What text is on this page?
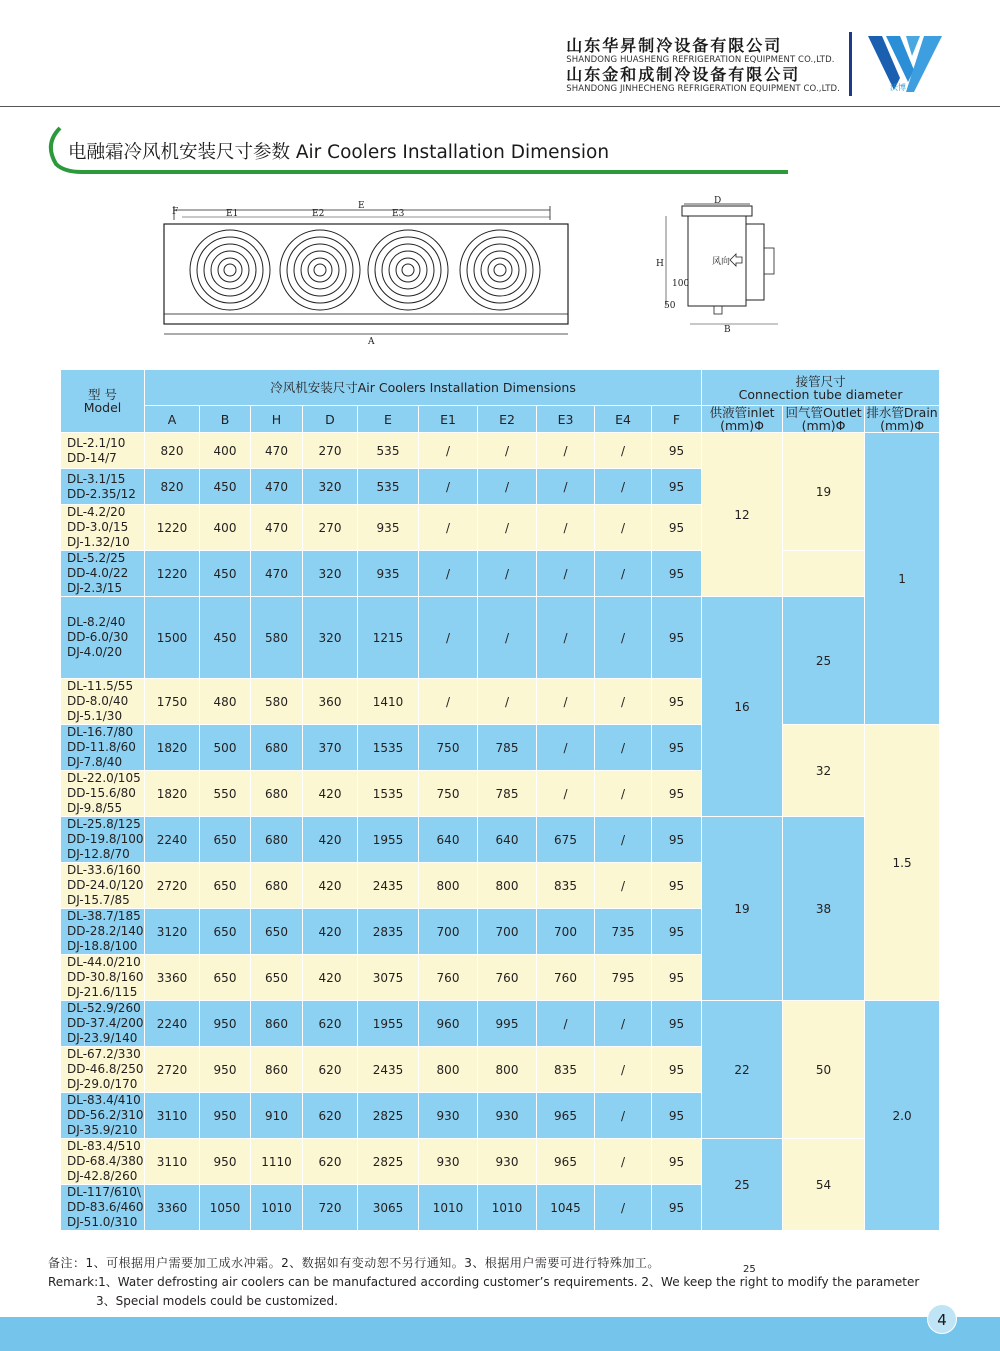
山东华昇制冷设备有限公司
SHANDONG HUASHENG REFRIGERATION EQUIPMENT CO.,LTD.
山东金和成制冷设备有限公司
SHANDONG JINHECHENG REFRIGERATION EQUIPMENT CO.,LTD.	沃博
电融霜冷风机安装尺寸参数 Air Coolers Installation Dimension
E
F	E1	E2	E3
A
D
H
100
50
风向
B
型 号
Model	冷风机安装尺寸Air Coolers Installation Dimensions										接管尺寸
Connection tube diameter		
	A	B	H	D	E	E1	E2	E3	E4	F	供液管inlet
(mm)Φ	回气管Outlet
(mm)Φ	排水管Drain
(mm)Φ
DL-2.1/10
DD-14/7	820	400	470	270	535	/	/	/	/	95	12	19	1
DL-3.1/15
DD-2.35/12	820	450	470	320	535	/	/	/	/	95			
DL-4.2/20
DD-3.0/15
DJ-1.32/10	1220	400	470	270	935	/	/	/	/	95			
DL-5.2/25
DD-4.0/22
DJ-2.3/15	1220	450	470	320	935	/	/	/	/	95			
DL-8.2/40
DD-6.0/30
DJ-4.0/20	1500	450	580	320	1215	/	/	/	/	95	16	25	
DL-11.5/55
DD-8.0/40
DJ-5.1/30	1750	480	580	360	1410	/	/	/	/	95			
DL-16.7/80
DD-11.8/60
DJ-7.8/40	1820	500	680	370	1535	750	785	/	/	95		32	1.5
DL-22.0/105
DD-15.6/80
DJ-9.8/55	1820	550	680	420	1535	750	785	/	/	95			
DL-25.8/125
DD-19.8/100
DJ-12.8/70	2240	650	680	420	1955	640	640	675	/	95	19	38	
DL-33.6/160
DD-24.0/120
DJ-15.7/85	2720	650	680	420	2435	800	800	835	/	95			
DL-38.7/185
DD-28.2/140
DJ-18.8/100	3120	650	650	420	2835	700	700	700	735	95			
DL-44.0/210
DD-30.8/160
DJ-21.6/115	3360	650	650	420	3075	760	760	760	795	95			
DL-52.9/260
DD-37.4/200
DJ-23.9/140	2240	950	860	620	1955	960	995	/	/	95	22	50	2.0
DL-67.2/330
DD-46.8/250
DJ-29.0/170	2720	950	860	620	2435	800	800	835	/	95			
DL-83.4/410
DD-56.2/310
DJ-35.9/210	3110	950	910	620	2825	930	930	965	/	95			
DL-83.4/510
DD-68.4/380
DJ-42.8/260	3110	950	1110	620	2825	930	930	965	/	95	25	54	
DL-117/610\
DD-83.6/460
DJ-51.0/310	3360	1050	1010	720	3065	1010	1010	1045	/	95			
备注：1、可根据用户需要加工成水冲霜。2、数据如有变动恕不另行通知。3、根据用户需要可进行特殊加工。	25
Remark:1、Water defrosting air coolers can be manufactured according customer’s requirements. 2、We keep the right to modify the parameter
3、Special models could be customized.
4
